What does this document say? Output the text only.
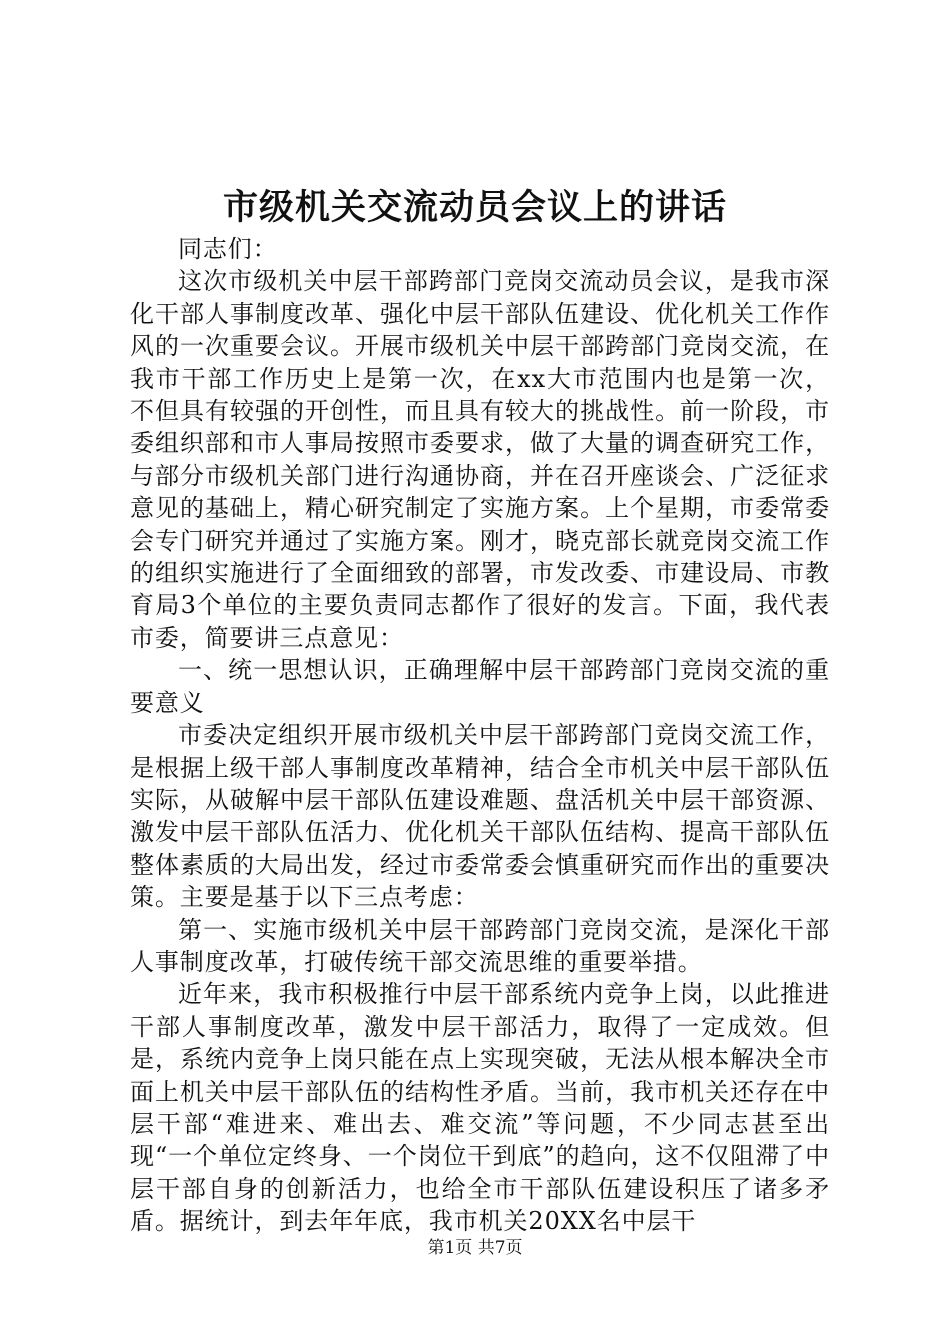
市级机关交流动员会议上的讲话

同志们：

这次市级机关中层干部跨部门竞岗交流动员会议，是我市深化干部人事制度改革、强化中层干部队伍建设、优化机关工作作风的一次重要会议。开展市级机关中层干部跨部门竞岗交流，在我市干部工作历史上是第一次，在xx大市范围内也是第一次，不但具有较强的开创性，而且具有较大的挑战性。前一阶段，市委组织部和市人事局按照市委要求，做了大量的调查研究工作，与部分市级机关部门进行沟通协商，并在召开座谈会、广泛征求意见的基础上，精心研究制定了实施方案。上个星期，市委常委会专门研究并通过了实施方案。刚才，晓克部长就竞岗交流工作的组织实施进行了全面细致的部署，市发改委、市建设局、市教育局3个单位的主要负责同志都作了很好的发言。下面，我代表市委，简要讲三点意见：

一、统一思想认识，正确理解中层干部跨部门竞岗交流的重要意义

市委决定组织开展市级机关中层干部跨部门竞岗交流工作，是根据上级干部人事制度改革精神，结合全市机关中层干部队伍实际，从破解中层干部队伍建设难题、盘活机关中层干部资源、激发中层干部队伍活力、优化机关干部队伍结构、提高干部队伍整体素质的大局出发，经过市委常委会慎重研究而作出的重要决策。主要是基于以下三点考虑：

第一、实施市级机关中层干部跨部门竞岗交流，是深化干部人事制度改革，打破传统干部交流思维的重要举措。

近年来，我市积极推行中层干部系统内竞争上岗，以此推进干部人事制度改革，激发中层干部活力，取得了一定成效。但是，系统内竞争上岗只能在点上实现突破，无法从根本解决全市面上机关中层干部队伍的结构性矛盾。当前，我市机关还存在中层干部“难进来、难出去、难交流”等问题，不少同志甚至出现“一个单位定终身、一个岗位干到底”的趋向，这不仅阻滞了中层干部自身的创新活力，也给全市干部队伍建设积压了诸多矛盾。据统计，到去年年底，我市机关20XX名中层干

第1页 共7页
